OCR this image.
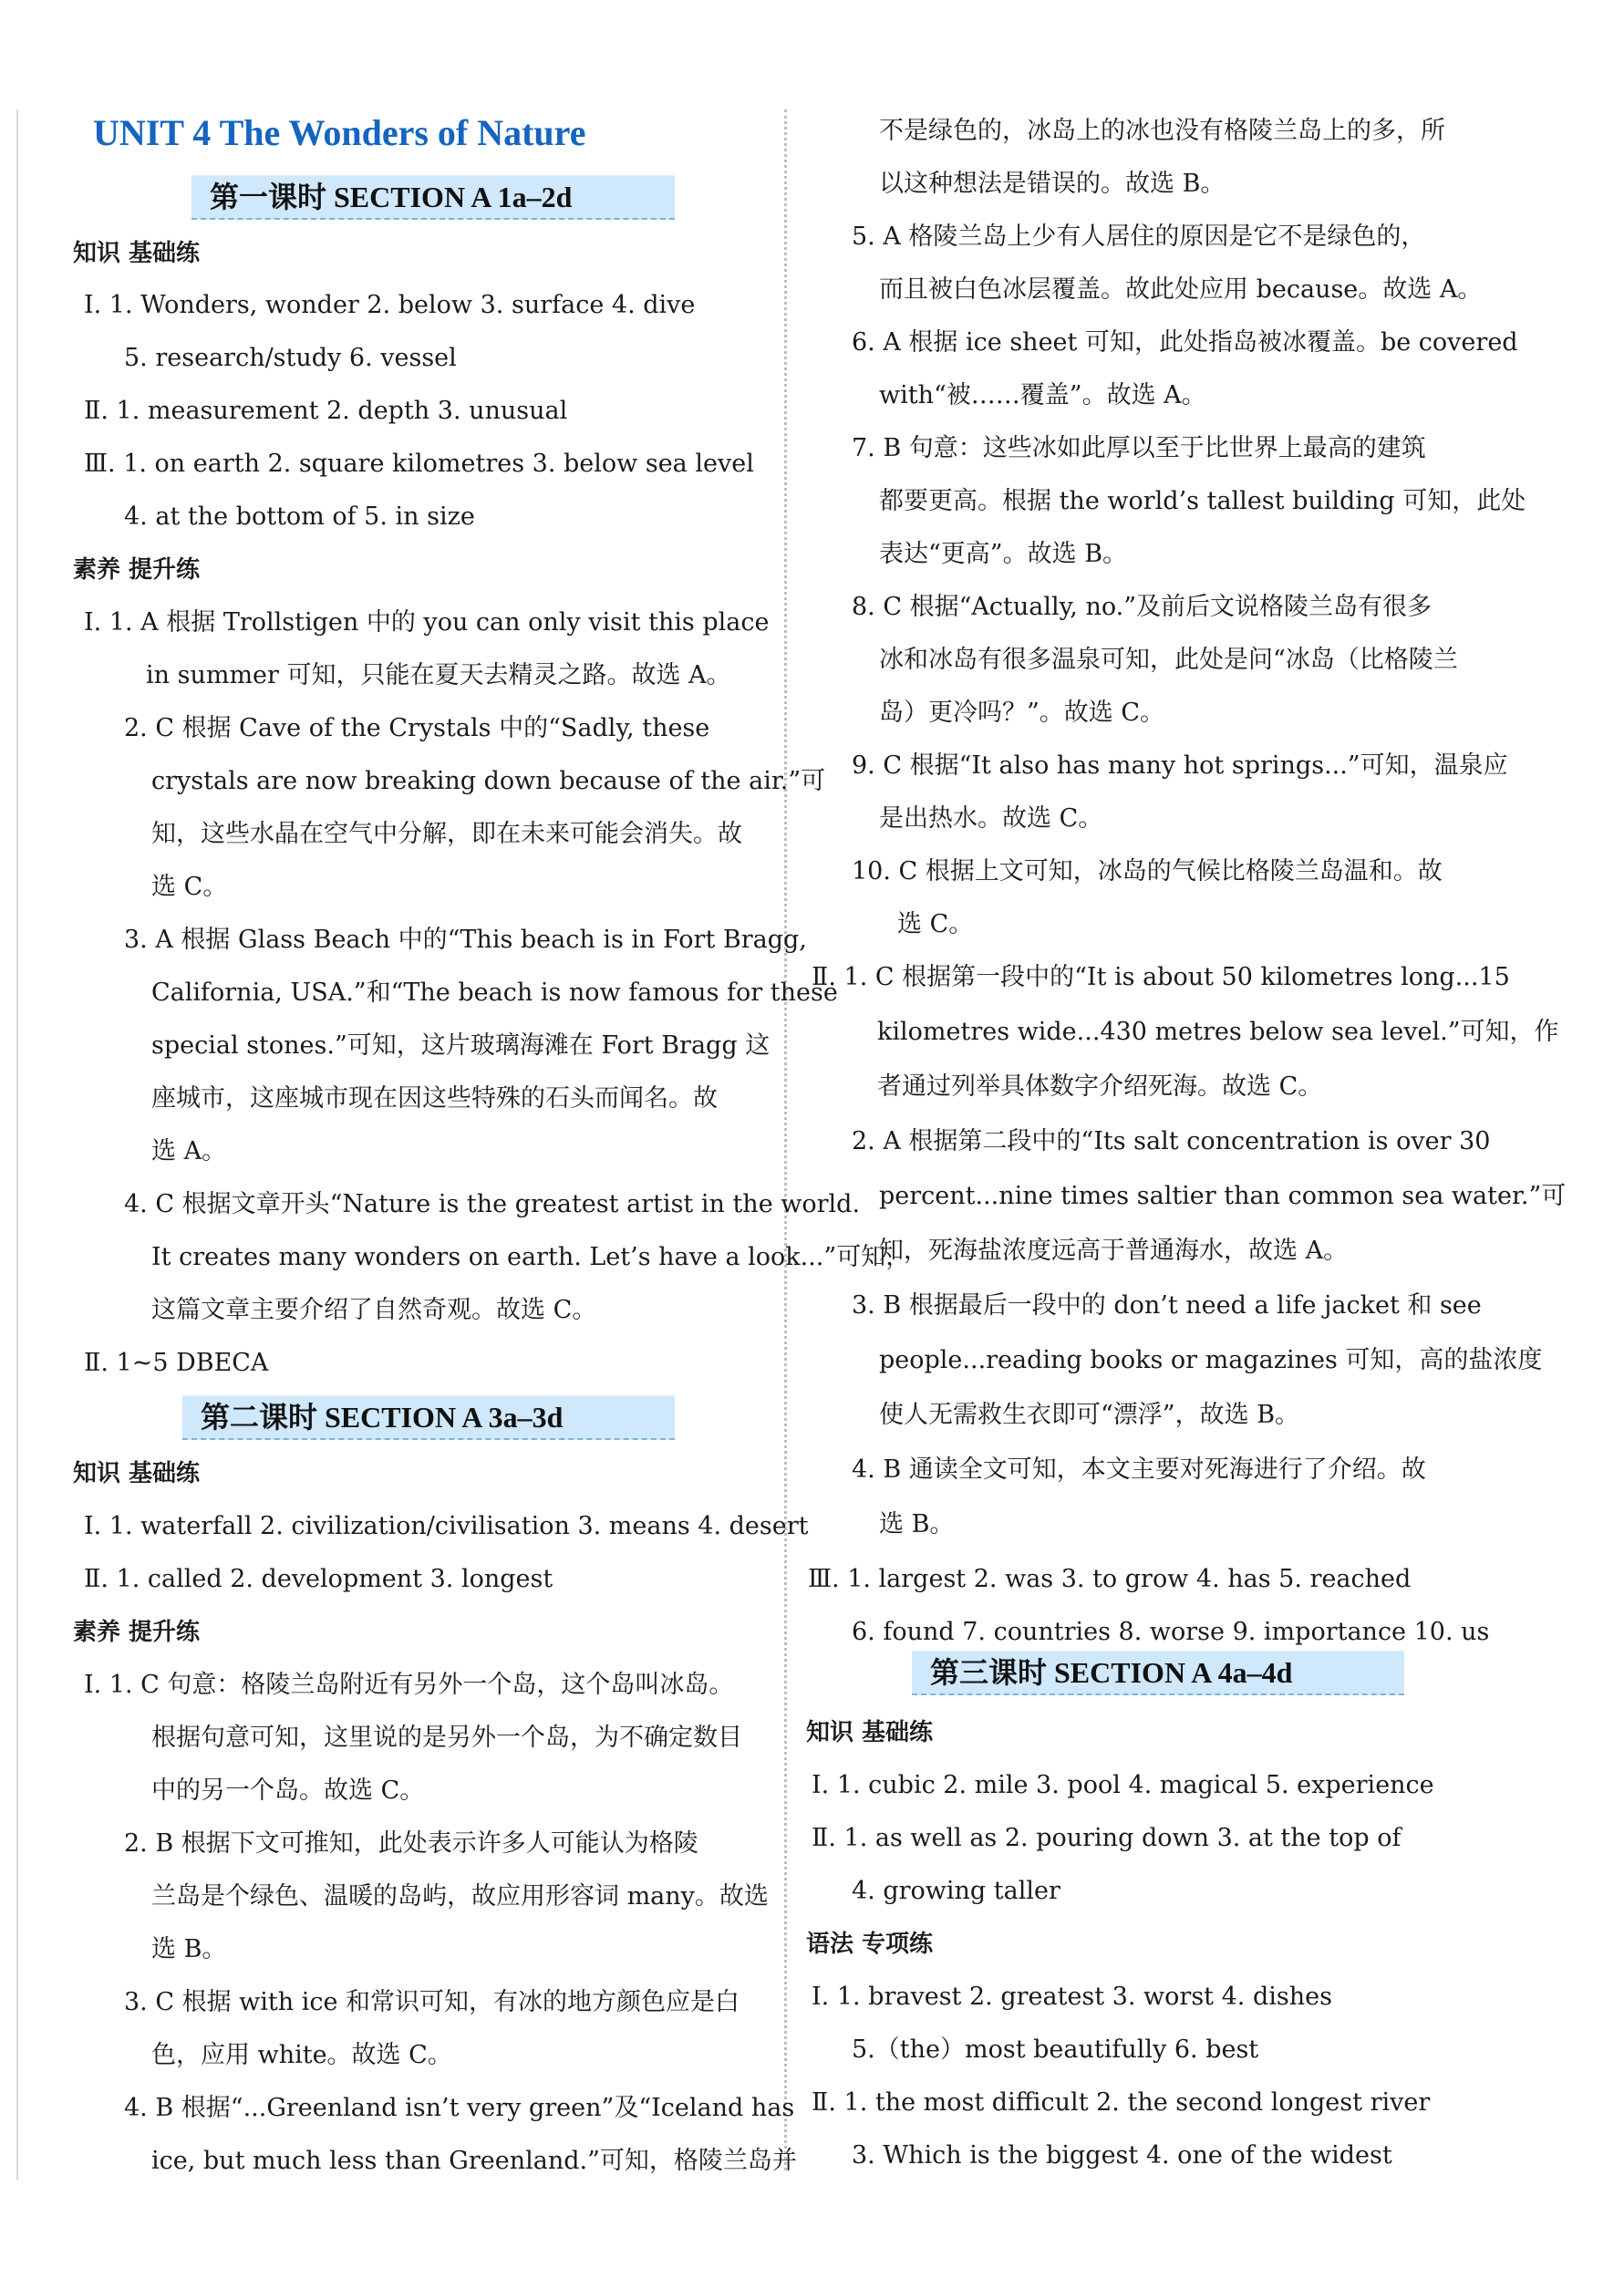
UNIT 4 The Wonders of Nature
第一课时 SECTION A 1a–2d
第二课时 SECTION A 3a–3d
第三课时 SECTION A 4a–4d
知识 基础练
Ⅰ. 1. Wonders, wonder 2. below 3. surface 4. dive
5. research/study 6. vessel
Ⅱ. 1. measurement 2. depth 3. unusual
Ⅲ. 1. on earth 2. square kilometres 3. below sea level
4. at the bottom of 5. in size
素养 提升练
Ⅰ. 1. A 根据 Trollstigen 中的 you can only visit this place
in summer 可知，只能在夏天去精灵之路。故选 A。
2. C 根据 Cave of the Crystals 中的“Sadly, these
crystals are now breaking down because of the air.”可
知，这些水晶在空气中分解，即在未来可能会消失。故
选 C。
3. A 根据 Glass Beach 中的“This beach is in Fort Bragg,
California, USA.”和“The beach is now famous for these
special stones.”可知，这片玻璃海滩在 Fort Bragg 这
座城市，这座城市现在因这些特殊的石头而闻名。故
选 A。
4. C 根据文章开头“Nature is the greatest artist in the world.
It creates many wonders on earth. Let’s have a look...”可知，
这篇文章主要介绍了自然奇观。故选 C。
Ⅱ. 1~5 DBECA
知识 基础练
Ⅰ. 1. waterfall 2. civilization/civilisation 3. means 4. desert
Ⅱ. 1. called 2. development 3. longest
素养 提升练
Ⅰ. 1. C 句意：格陵兰岛附近有另外一个岛，这个岛叫冰岛。
根据句意可知，这里说的是另外一个岛，为不确定数目
中的另一个岛。故选 C。
2. B 根据下文可推知，此处表示许多人可能认为格陵
兰岛是个绿色、温暖的岛屿，故应用形容词 many。故选
选 B。
3. C 根据 with ice 和常识可知，有冰的地方颜色应是白
色，应用 white。故选 C。
4. B 根据“...Greenland isn’t very green”及“Iceland has
ice, but much less than Greenland.”可知，格陵兰岛并
不是绿色的，冰岛上的冰也没有格陵兰岛上的多，所
以这种想法是错误的。故选 B。
5. A 格陵兰岛上少有人居住的原因是它不是绿色的，
而且被白色冰层覆盖。故此处应用 because。故选 A。
6. A 根据 ice sheet 可知，此处指岛被冰覆盖。be covered
with“被……覆盖”。故选 A。
7. B 句意：这些冰如此厚以至于比世界上最高的建筑
都要更高。根据 the world’s tallest building 可知，此处
表达“更高”。故选 B。
8. C 根据“Actually, no.”及前后文说格陵兰岛有很多
冰和冰岛有很多温泉可知，此处是问“冰岛（比格陵兰
岛）更冷吗？”。故选 C。
9. C 根据“It also has many hot springs...”可知，温泉应
是出热水。故选 C。
10. C 根据上文可知，冰岛的气候比格陵兰岛温和。故
选 C。
Ⅱ. 1. C 根据第一段中的“It is about 50 kilometres long...15
kilometres wide...430 metres below sea level.”可知，作
者通过列举具体数字介绍死海。故选 C。
2. A 根据第二段中的“Its salt concentration is over 30
percent...nine times saltier than common sea water.”可
知，死海盐浓度远高于普通海水，故选 A。
3. B 根据最后一段中的 don’t need a life jacket 和 see
people...reading books or magazines 可知，高的盐浓度
使人无需救生衣即可“漂浮”，故选 B。
4. B 通读全文可知，本文主要对死海进行了介绍。故
选 B。
Ⅲ. 1. largest 2. was 3. to grow 4. has 5. reached
6. found 7. countries 8. worse 9. importance 10. us
知识 基础练
Ⅰ. 1. cubic 2. mile 3. pool 4. magical 5. experience
Ⅱ. 1. as well as 2. pouring down 3. at the top of
4. growing taller
语法 专项练
Ⅰ. 1. bravest 2. greatest 3. worst 4. dishes
5.（the）most beautifully 6. best
Ⅱ. 1. the most difficult 2. the second longest river
3. Which is the biggest 4. one of the widest
